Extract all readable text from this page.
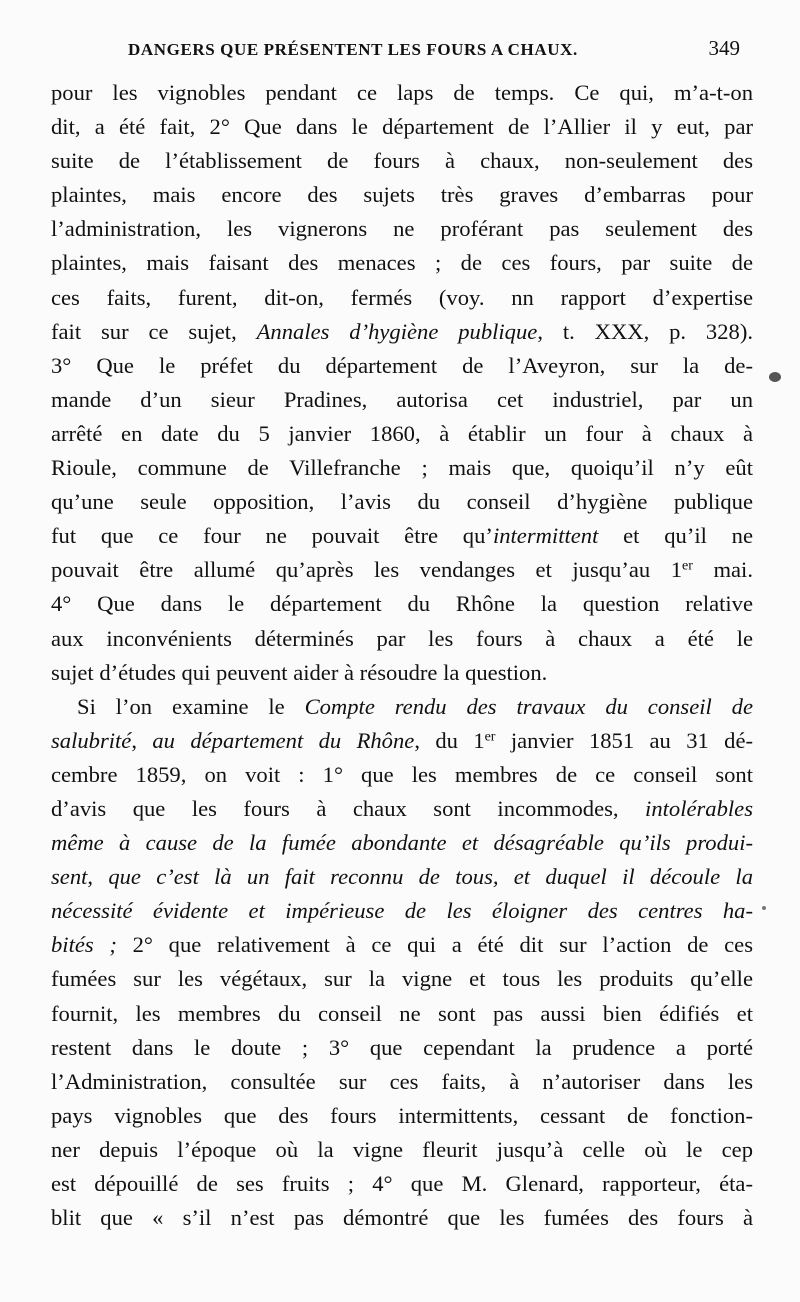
DANGERS QUE PRÉSENTENT LES FOURS A CHAUX.	349
pour les vignobles pendant ce laps de temps. Ce qui, m’a-t-on
dit, a été fait, 2° Que dans le département de l’Allier il y eut, par
suite de l’établissement de fours à chaux, non-seulement des
plaintes, mais encore des sujets très graves d’embarras pour
l’administration, les vignerons ne proférant pas seulement des
plaintes, mais faisant des menaces ; de ces fours, par suite de
ces faits, furent, dit-on, fermés (voy. nn rapport d’expertise
fait sur ce sujet, Annales d’hygiène publique, t. XXX, p. 328).
3° Que le préfet du département de l’Aveyron, sur la de-
mande d’un sieur Pradines, autorisa cet industriel, par un
arrêté en date du 5 janvier 1860, à établir un four à chaux à
Rioule, commune de Villefranche ; mais que, quoiqu’il n’y eût
qu’une seule opposition, l’avis du conseil d’hygiène publique
fut que ce four ne pouvait être qu’intermittent et qu’il ne
pouvait être allumé qu’après les vendanges et jusqu’au 1er mai.
4° Que dans le département du Rhône la question relative
aux inconvénients déterminés par les fours à chaux a été le
sujet d’études qui peuvent aider à résoudre la question.
Si l’on examine le Compte rendu des travaux du conseil de
salubrité, au département du Rhône, du 1er janvier 1851 au 31 dé-
cembre 1859, on voit : 1° que les membres de ce conseil sont
d’avis que les fours à chaux sont incommodes, intolérables
même à cause de la fumée abondante et désagréable qu’ils produi-
sent, que c’est là un fait reconnu de tous, et duquel il découle la
nécessité évidente et impérieuse de les éloigner des centres ha-
bités ; 2° que relativement à ce qui a été dit sur l’action de ces
fumées sur les végétaux, sur la vigne et tous les produits qu’elle
fournit, les membres du conseil ne sont pas aussi bien édifiés et
restent dans le doute ; 3° que cependant la prudence a porté
l’Administration, consultée sur ces faits, à n’autoriser dans les
pays vignobles que des fours intermittents, cessant de fonction-
ner depuis l’époque où la vigne fleurit jusqu’à celle où le cep
est dépouillé de ses fruits ; 4° que M. Glenard, rapporteur, éta-
blit que « s’il n’est pas démontré que les fumées des fours à
